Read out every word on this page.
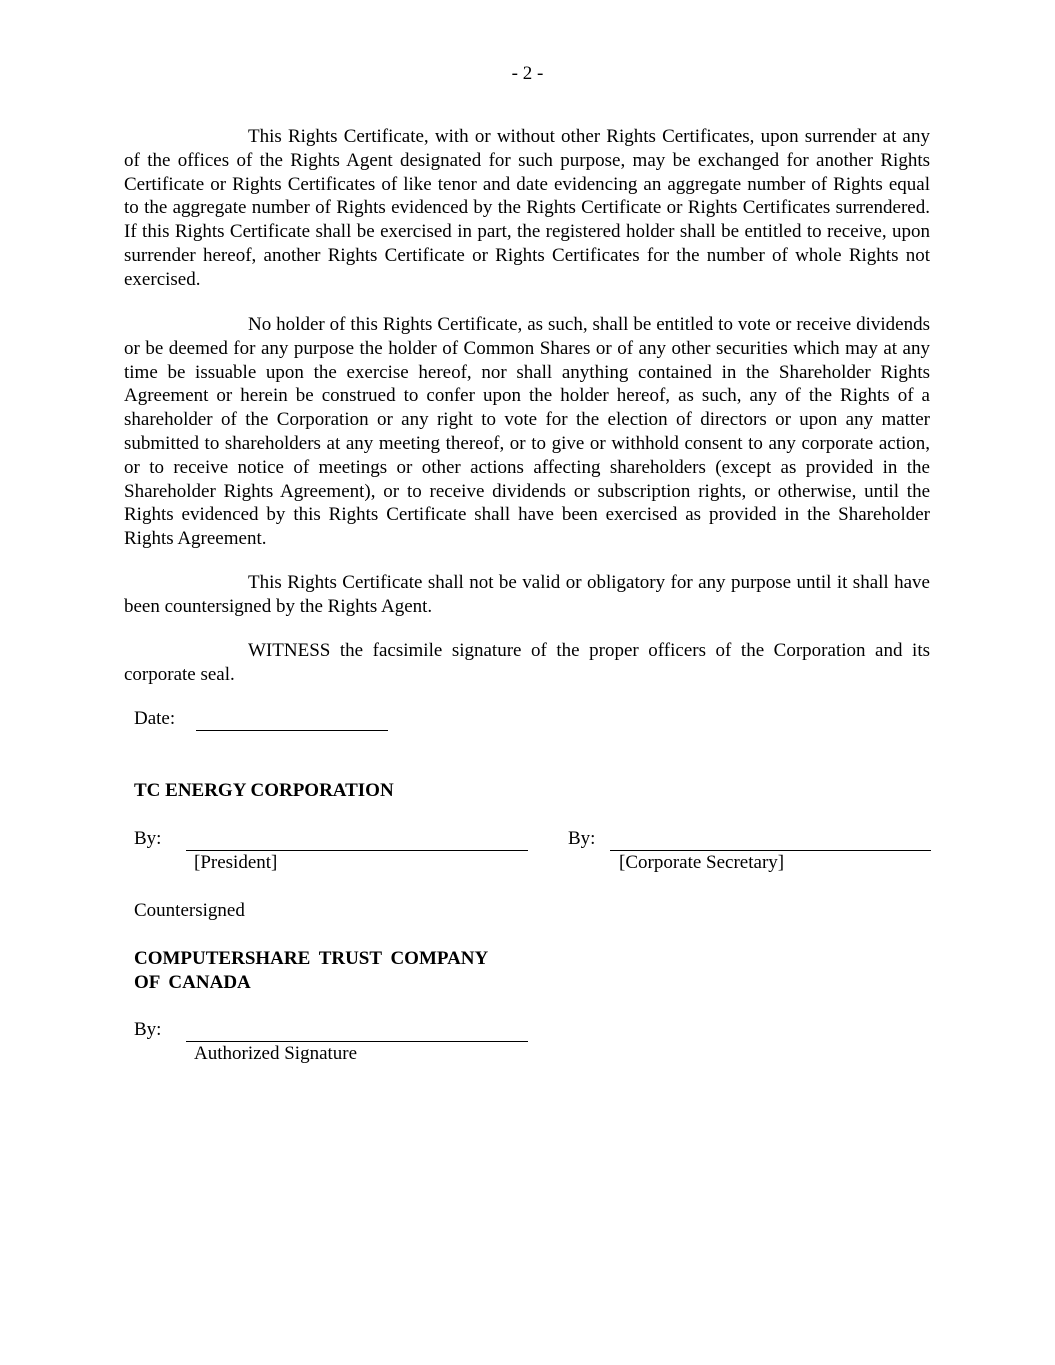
- 2 -

This Rights Certificate, with or without other Rights Certificates, upon surrender at any of the offices of the Rights Agent designated for such purpose, may be exchanged for another Rights Certificate or Rights Certificates of like tenor and date evidencing an aggregate number of Rights equal to the aggregate number of Rights evidenced by the Rights Certificate or Rights Certificates surrendered. If this Rights Certificate shall be exercised in part, the registered holder shall be entitled to receive, upon surrender hereof, another Rights Certificate or Rights Certificates for the number of whole Rights not exercised.

No holder of this Rights Certificate, as such, shall be entitled to vote or receive dividends or be deemed for any purpose the holder of Common Shares or of any other securities which may at any time be issuable upon the exercise hereof, nor shall anything contained in the Shareholder Rights Agreement or herein be construed to confer upon the holder hereof, as such, any of the Rights of a shareholder of the Corporation or any right to vote for the election of directors or upon any matter submitted to shareholders at any meeting thereof, or to give or withhold consent to any corporate action, or to receive notice of meetings or other actions affecting shareholders (except as provided in the Shareholder Rights Agreement), or to receive dividends or subscription rights, or otherwise, until the Rights evidenced by this Rights Certificate shall have been exercised as provided in the Shareholder Rights Agreement.

This Rights Certificate shall not be valid or obligatory for any purpose until it shall have been countersigned by the Rights Agent.

WITNESS the facsimile signature of the proper officers of the Corporation and its corporate seal.

Date:
TC ENERGY CORPORATION
By:
[President]
By:
[Corporate Secretary]
Countersigned
COMPUTERSHARE TRUST COMPANY
OF CANADA
By:
Authorized Signature
